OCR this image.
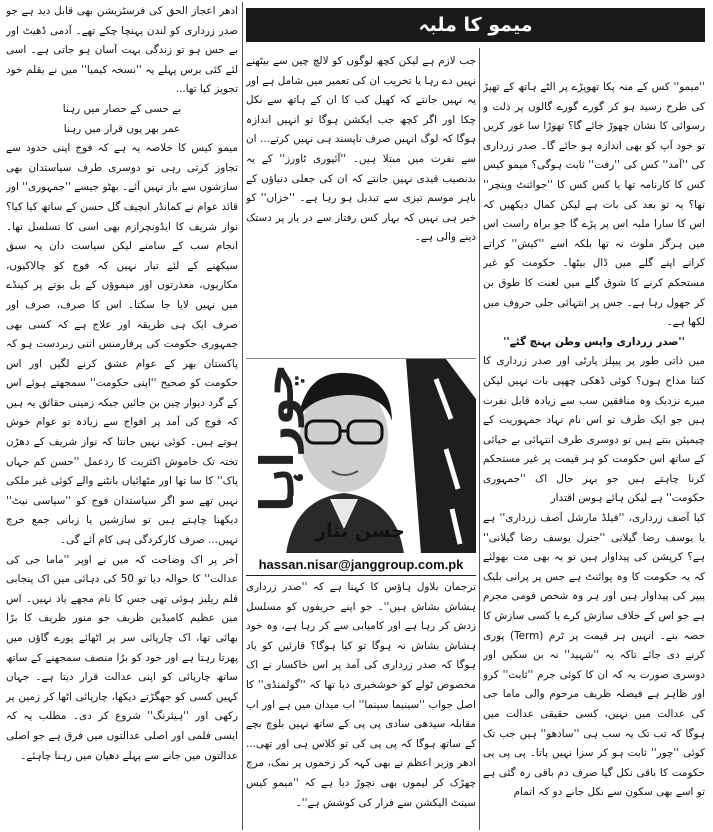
میمو کا ملبہ

''میمو'' کس کے منہ پکا تھوپڑے پر الٹے ہاتھ کے تھپڑ کی طرح رسید ہو کر گورے گورے گالوں پر ذلت و رسوائی کا نشان چھوڑ جائے گا؟ تھوڑا سا غور کریں تو خود آپ کو بھی اندازہ ہو جائے گا۔ صدر زرداری کی ''آمد'' کس کی ''رفت'' ثابت ہوگی؟ میمو کیس کس کا کارنامہ تھا یا کس کس کا ''جوائنٹ وینچر'' تھا؟ یہ تو بعد کی بات ہے لیکن کمال دیکھیں کہ اس کا سارا ملبہ اس پر پڑے گا جو براہ راست اس میں ہرگز ملوث نہ تھا بلکہ اسے ''کیش'' کراتے کراتے اپنے گلے میں ڈال بیٹھا۔ حکومت کو غیر مستحکم کرنے کا شوق گلے میں لعنت کا طوق بن کر جھول رہا ہے۔ جس پر انتہائی جلی حروف میں لکھا ہے۔

''صدر زرداری واپس وطن پہنچ گئے''

میں ذاتی طور پر پیپلز پارٹی اور صدر زرداری کا کتنا مداح ہوں؟ کوئی ڈھکی چھپی بات نہیں لیکن میرے نزدیک وہ منافقین سب سے زیادہ قابل نفرت ہیں جو ایک طرف تو اس نام نہاد جمہوریت کے چیمپئن بنتے ہیں تو دوسری طرف انتہائی بے حیائی کے ساتھ اس حکومت کو ہر قیمت پر غیر مستحکم کرنا چاہتے ہیں جو بہر حال اک ''جمہوری حکومت'' ہے لیکن ہائے ہوس اقتدار

کیا آصف زرداری، ''فیلڈ مارشل آصف زرداری'' ہے یا یوسف رضا گیلانی ''جنرل یوسف رضا گیلانی'' ہے؟ کرپشن کی پیداوار ہیں تو یہ بھی مت بھولئے کہ یہ حکومت کا وہ پوائنٹ ہے جس پر پرانی بلیک پیپر کی پیداوار ہیں اور ہر وہ شخص قومی مجرم ہے جو اس کے خلاف سازش کرے یا کسی سازش کا حصہ بنے۔ انہیں ہر قیمت پر ٹرم (Term) پوری کرنے دی جائے تاکہ یہ ''شہید'' نہ بن سکیں اور دوسری صورت یہ کہ ان کا کوئی جرم ''ثابت'' کرو اور ظاہر ہے فیصلہ ظریف مرحوم والی ماما جی کی عدالت میں نہیں، کسی حقیقی عدالت میں ہوگا کہ تب تک یہ سب ہی ''سادھو'' ہیں جب تک کوئی ''چور'' ثابت ہو کر سزا نہیں پاتا۔ پی پی پی حکومت کا باقی نکل گیا صرف دم باقی رہ گئی ہے تو اسے بھی سکون سے نکل جانے دو کہ اتمام

جب لازم ہے لیکن کچھ لوگوں کو لالچ چین سے بیٹھنے نہیں دے رہا یا تخریب ان کی تعمیر میں شامل ہے اور یہ نہیں جانتے کہ کھیل کب کا ان کے ہاتھ سے نکل چکا اور اگر کچھ جب ایکشن ہوگا تو انہیں اندازہ ہوگا کہ لوگ انہیں صرف ناپسند ہی نہیں کرتے... ان سے نفرت میں مبتلا ہیں۔ ''آئیوری ٹاورز'' کے یہ بدنصیب قیدی نہیں جانتے کہ ان کی جعلی دنیاؤں کے باہر موسم تیزی سے تبدیل ہو رہا ہے۔ ''خزاں'' کو خبر ہی نہیں کہ بہار کس رفتار سے در یار پر دستک دینے والی ہے۔

چوراہا
حسن نثار
hassan.nisar@janggroup.com.pk

ترجمان بلاول ہاؤس کا کہنا ہے کہ ''صدر زرداری ہشاش بشاش ہیں''۔ جو اپنے حریفوں کو مسلسل زدش کر رہا ہے اور کامیابی سے کر رہا ہے، وہ خود ہشاش بشاش نہ ہوگا تو کیا ہوگا؟ قارئین کو یاد ہوگا کہ صدر زرداری کی آمد پر اس خاکسار نے اک مخصوص ٹولے کو خوشخبری دیا تھا کہ ''گولمنڈی'' کا اصل جواب ''سینیما سینما'' اب میدان میں ہے اور اب مقابلہ سیدھی سادی پی پی کے ساتھ نہیں بلوچ بچے کے ساتھ ہوگا کہ پی پی کی تو کلاس ہی اور تھی... ادھر وزیر اعظم نے بھی کہہ کر زخموں پر نمک، مرچ چھڑک کر لیموں بھی نچوڑ دیا ہے کہ ''میمو کیس سینٹ الیکشن سے فرار کی کوشش ہے''۔

ادھر اعجاز الحق کی فرسٹریشن بھی قابل دید ہے جو صدر زرداری کو لندن پہنچا چکے تھے۔ آدمی ڈھیٹ اور بے حس ہو تو زندگی بہت آسان ہو جاتی ہے۔ اسی لئے کئی برس پہلے یہ ''نسخہ کیمیا'' میں نے یقلم خود تجویز کیا تھا...

بے حسی کے حصار میں رہنا

عمر بھر یوں قرار میں رہنا

میمو کیس کا خلاصہ یہ ہے کہ فوج اپنی حدود سے تجاوز کرتی رہی تو دوسری طرف سیاستدان بھی سازشوں سے باز نہیں آئے۔ بھٹو جیسے ''جمہوری'' اور قائد عوام نے کمانڈر انچیف گل حسن کے ساتھ کیا کیا؟ نواز شریف کا ایڈونچرازم بھی اسی کا تسلسل تھا۔ انجام سب کے سامنے لیکن سیاست دان یہ سبق سیکھنے کے لئے تیار نہیں کہ فوج کو چالاکیوں، مکاریوں، معذرتوں اور میموؤں کے بل بوتے پر کینڈے میں نہیں لایا جا سکتا۔ اس کا صرف، صرف اور صرف ایک ہی طریقہ اور علاج ہے کہ کسی بھی جمہوری حکومت کی پرفارمنس اتنی زبردست ہو کہ پاکستان بھر کے عوام عشق کرنے لگیں اور اس حکومت کو صحیح ''اپنی حکومت'' سمجھتے ہوئے اس کے گرد دیوار چین بن جائیں جبکہ زمینی حقائق یہ ہیں کہ فوج کی آمد پر افواج سے زیادہ تو عوام خوش ہوتے ہیں۔ کوئی نہیں جانتا کہ نواز شریف کے دھڑن تختہ تک خاموش اکثریت کا ردعمل ''حسن کم جہاں پاک'' کا سا تھا اور مٹھائیاں بانٹنے والے کوئی غیر ملکی نہیں تھے سو اگر سیاستدان فوج کو ''سیاسی نیٹ'' دیکھنا چاہتے ہیں تو سازشیں یا زبانی جمع خرچ نہیں... صرف کارکردگی ہی کام آئے گی۔

آخر پر اک وضاحت کہ میں نے اوپر ''ماما جی کی عدالت'' کا حوالہ دیا تو 50 کی دہائی میں اک پنجابی فلم ریلیز ہوئی تھی جس کا نام مجھے یاد نہیں۔ اس میں عظیم کامیڈین ظریف جو منور ظریف کا بڑا بھائی تھا، اک چارپائی سر پر اٹھائے پورے گاؤں میں پھرتا رہتا ہے اور خود کو بڑا منصف سمجھنے کے ساتھ ساتھ چارپائی کو اپنی عدالت قرار دیتا ہے۔ جہاں کہیں کسی کو جھگڑتے دیکھا، چارپائی اٹھا کر زمین پر رکھی اور ''ہیئرنگ'' شروع کر دی۔ مطلب یہ کہ ایسی فلمی اور اصلی عدالتوں میں فرق ہے جو اصلی عدالتوں میں جانے سے پہلے دھیان میں رہنا چاہئے۔
